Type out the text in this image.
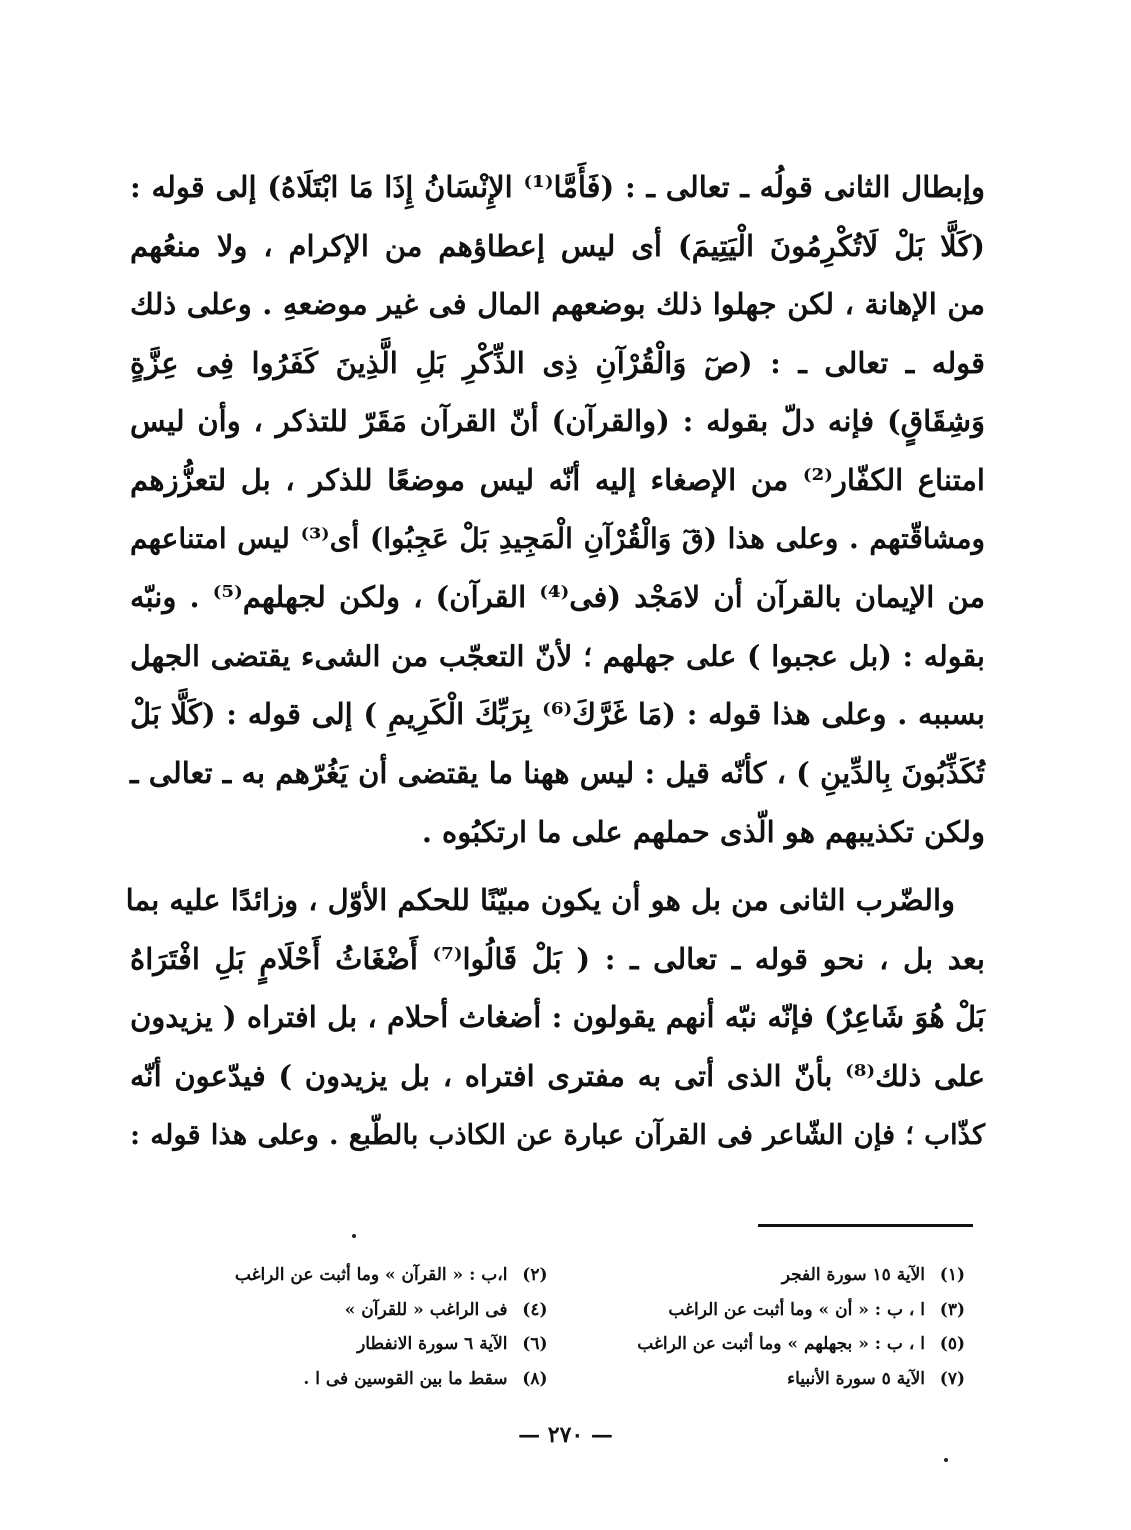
وإبطال الثانى قولُه ـ تعالى ـ : (فَأَمَّا⁽¹⁾ الإِنْسَانُ إِذَا مَا ابْتَلَاهُ) إلى قوله :
(كَلَّا بَلْ لَاتُكْرِمُونَ الْيَتِيمَ) أى ليس إعطاؤهم من الإكرام ، ولا منعُهم
من الإهانة ، لكن جهلوا ذلك بوضعهم المال فى غير موضعهِ . وعلى ذلك
قوله ـ تعالى ـ : (صٓ وَالْقُرْآنِ ذِى الذِّكْرِ بَلِ الَّذِينَ كَفَرُوا فِى عِزَّةٍ
وَشِقَاقٍ) فإنه دلّ بقوله : (والقرآن) أنّ القرآن مَقَرّ للتذكر ، وأن ليس
امتناع الكفّار⁽²⁾ من الإصغاء إليه أنّه ليس موضعًا للذكر ، بل لتعزُّزهم
ومشاقّتهم . وعلى هذا (قٓ وَالْقُرْآنِ الْمَجِيدِ بَلْ عَجِبُوا) أى⁽³⁾ ليس امتناعهم
من الإيمان بالقرآن أن لامَجْد (فى⁽⁴⁾ القرآن) ، ولكن لجهلهم⁽⁵⁾ . ونبّه
بقوله : (بل عجبوا ) على جهلهم ؛ لأنّ التعجّب من الشىء يقتضى الجهل
بسببه . وعلى هذا قوله : (مَا غَرَّكَ⁽⁶⁾ بِرَبِّكَ الْكَرِيمِ ) إلى قوله : (كَلَّا بَلْ
تُكَذِّبُونَ بِالدِّينِ ) ، كأنّه قيل : ليس ههنا ما يقتضى أن يَغُرّهم به ـ تعالى ـ
ولكن تكذيبهم هو الّذى حملهم على ما ارتكبُوه .
والضّرب الثانى من بل هو أن يكون مبيّنًا للحكم الأوّل ، وزائدًا عليه بما
بعد بل ، نحو قوله ـ تعالى ـ : ( بَلْ قَالُوا⁽⁷⁾ أَضْغَاثُ أَحْلَامٍ بَلِ افْتَرَاهُ
بَلْ هُوَ شَاعِرٌ) فإنّه نبّه أنهم يقولون : أضغاث أحلام ، بل افتراه ( يزيدون
على ذلك⁽⁸⁾ بأنّ الذى أتى به مفترى افتراه ، بل يزيدون ) فيدّعون أنّه
كذّاب ؛ فإن الشّاعر فى القرآن عبارة عن الكاذب بالطّبع . وعلى هذا قوله :
(١)
الآية ١٥ سورة الفجر
(٢)
ا،ب : « القرآن » وما أثبت عن الراغب
(٣)
ا ، ب : « أن » وما أثبت عن الراغب
(٤)
فى الراغب « للقرآن »
(٥)
ا ، ب : « بجهلهم » وما أثبت عن الراغب
(٦)
الآية ٦ سورة الانفطار
(٧)
الآية ٥ سورة الأنبياء
(٨)
سقط ما بين القوسين فى ا .
— ٢٧٠ —
